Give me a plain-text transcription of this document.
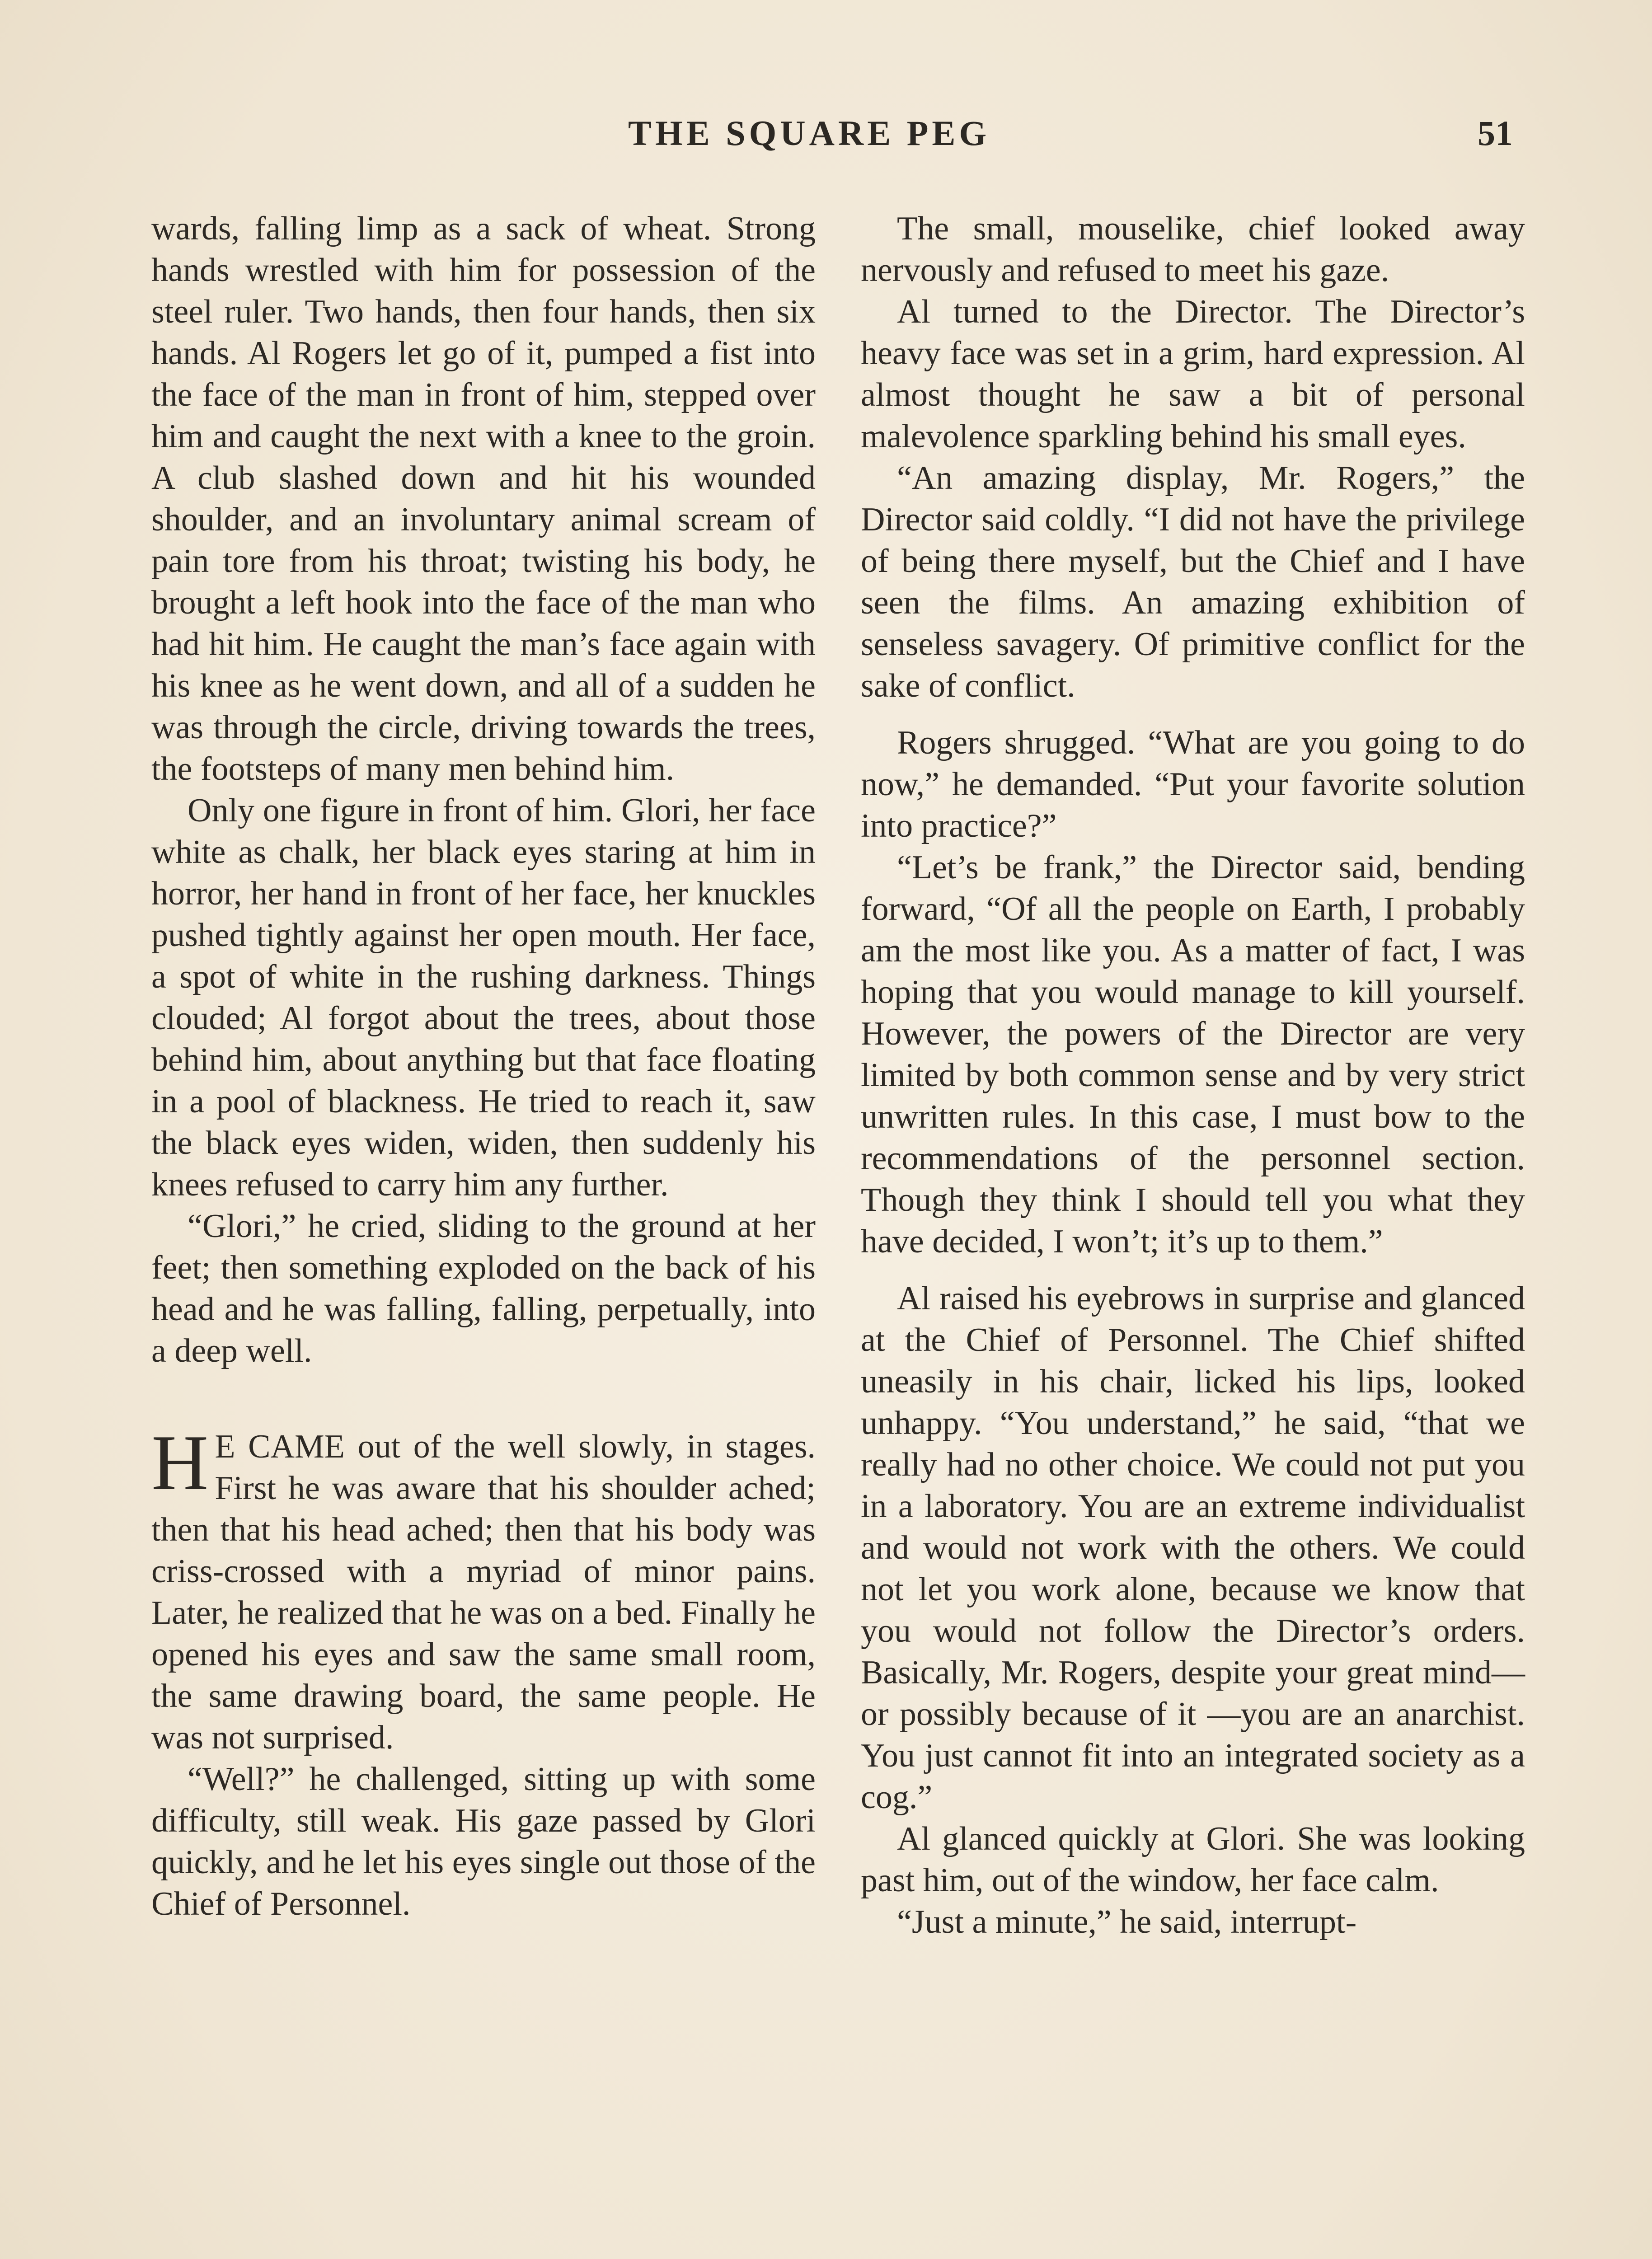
THE SQUARE PEG	51

wards, falling limp as a sack of wheat. Strong hands wrestled with him for possession of the steel ruler. Two hands, then four hands, then six hands. Al Rogers let go of it, pumped a fist into the face of the man in front of him, stepped over him and caught the next with a knee to the groin. A club slashed down and hit his wounded shoulder, and an involuntary animal scream of pain tore from his throat; twisting his body, he brought a left hook into the face of the man who had hit him. He caught the man’s face again with his knee as he went down, and all of a sudden he was through the circle, driving towards the trees, the footsteps of many men behind him.

Only one figure in front of him. Glori, her face white as chalk, her black eyes staring at him in horror, her hand in front of her face, her knuckles pushed tightly against her open mouth. Her face, a spot of white in the rushing darkness. Things clouded; Al forgot about the trees, about those behind him, about anything but that face floating in a pool of blackness. He tried to reach it, saw the black eyes widen, widen, then suddenly his knees refused to carry him any further.

“Glori,” he cried, sliding to the ground at her feet; then something exploded on the back of his head and he was falling, falling, perpetually, into a deep well.

H E CAME out of the well slowly, in stages. First he was aware that his shoulder ached; then that his head ached; then that his body was criss-crossed with a myriad of minor pains. Later, he realized that he was on a bed. Finally he opened his eyes and saw the same small room, the same drawing board, the same people. He was not surprised.

“Well?” he challenged, sitting up with some difficulty, still weak. His gaze passed by Glori quickly, and he let his eyes single out those of the Chief of Personnel.

The small, mouselike, chief looked away nervously and refused to meet his gaze.

Al turned to the Director. The Director’s heavy face was set in a grim, hard expression. Al almost thought he saw a bit of personal malevolence sparkling behind his small eyes.

“An amazing display, Mr. Rogers,” the Director said coldly. “I did not have the privilege of being there myself, but the Chief and I have seen the films. An amazing exhibition of senseless savagery. Of primitive conflict for the sake of conflict.

Rogers shrugged. “What are you going to do now,” he demanded. “Put your favorite solution into practice?”

“Let’s be frank,” the Director said, bending forward, “Of all the people on Earth, I probably am the most like you. As a matter of fact, I was hoping that you would manage to kill yourself. However, the powers of the Director are very limited by both common sense and by very strict unwritten rules. In this case, I must bow to the recommendations of the personnel section. Though they think I should tell you what they have decided, I won’t; it’s up to them.”

Al raised his eyebrows in surprise and glanced at the Chief of Personnel. The Chief shifted uneasily in his chair, licked his lips, looked unhappy. “You understand,” he said, “that we really had no other choice. We could not put you in a laboratory. You are an extreme individualist and would not work with the others. We could not let you work alone, because we know that you would not follow the Director’s orders. Basically, Mr. Rogers, despite your great mind—or possibly because of it —you are an anarchist. You just cannot fit into an integrated society as a cog.”

Al glanced quickly at Glori. She was looking past him, out of the window, her face calm.

“Just a minute,” he said, interrupt-
